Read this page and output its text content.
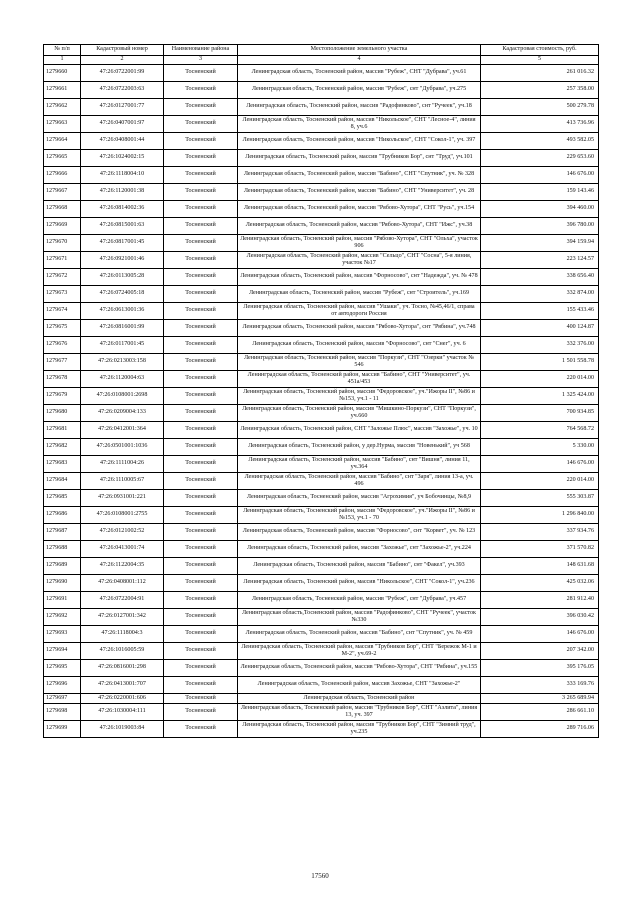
№ п/п	Кадастровый номер	Наименование района	Местоположение земельного участка	Кадастровая стоимость, руб.
1	2	3	4	5
1279660	47:26:0722001:99	Тосненский	Ленинградская область, Тосненский район, массив "Рубеж", СНТ "Дубрава", уч.61	261 016.32
1279661	47:26:0722003:63	Тосненский	Ленинградская область, Тосненский район, массив "Рубеж", снт "Дубрава", уч.275	257 358.00
1279662	47:26:0127001:77	Тосненский	Ленинградская область, Тосненский район, массив "Радофинково", снт "Ручеек", уч.18	500 279.78
1279663	47:26:0407001:97	Тосненский	Ленинградская область, Тосненский район, массив "Никольское", СНТ "Лесное-4", линия 8, уч.6	413 736.96
1279664	47:26:0408001:44	Тосненский	Ленинградская область, Тосненский район, массив "Никольское", СНТ "Сокол-1", уч. 397	493 582.05
1279665	47:26:1024002:15	Тосненский	Ленинградская область, Тосненский район, массив "Трубников Бор", снт "Труд", уч.101	229 653.60
1279666	47:26:1118004:10	Тосненский	Ленинградская область, Тосненский район, массив "Бабино", СНТ "Спутник", уч. № 328	146 676.00
1279667	47:26:1120001:38	Тосненский	Ленинградская область, Тосненский район, массив "Бабино", СНТ "Университет", уч. 28	159 143.46
1279668	47:26:0814002:36	Тосненский	Ленинградская область, Тосненский район, массив "Рябово-Хутора", СНТ "Русь", уч.154	394 460.00
1279669	47:26:0815001:63	Тосненский	Ленинградская область, Тосненский район, массив "Рябово-Хутора", СНТ "Ижс", уч.38	396 780.00
1279670	47:26:0817001:45	Тосненский	Ленинградская область, Тосненский район, массив "Рябово-Хутора", СНТ "Ольха", участок 906	394 159.94
1279671	47:26:0921001:46	Тосненский	Ленинградская область, Тосненский район, массив "Сельцо", СНТ "Сосна", 5-я линия, участок №17	223 124.57
1279672	47:26:0113005:28	Тосненский	Ленинградская область, Тосненский район, массив "Форносово", снт "Надежда", уч. № 478	338 656.40
1279673	47:26:0724005:18	Тосненский	Ленинградская область, Тосненский район, массив "Рубеж", снт "Строитель", уч.169	332 874.00
1279674	47:26:0613001:36	Тосненский	Ленинградская область, Тосненский район, массив "Ушаки", уч. Тосно, №45,46/1, справа от автодороги Россия	155 433.46
1279675	47:26:0816001:99	Тосненский	Ленинградская область, Тосненский район, массив "Рябово-Хутора", снт "Рябина", уч.748	400 124.87
1279676	47:26:0117001:45	Тосненский	Ленинградская область, Тосненский район, массив "Форносово", снт "Снег", уч. 6	332 376.00
1279677	47:26:0213003:158	Тосненский	Ленинградская область, Тосненский район, массив "Поркузи", СНТ "Озерки" участок № 546	1 501 558.78
1279678	47:26:1120004:63	Тосненский	Ленинградская область, Тосненский район, массив "Бабино", СНТ "Университет", уч. 451а/453	220 014.00
1279679	47:26:0108001:2698	Тосненский	Ленинградская область, Тосненский район, массив "Федоровское", уч."Ижоры II", №86 и №153, уч.1 - 11	1 325 424.00
1279680	47:26:0209004:133	Тосненский	Ленинградская область, Тосненский район, массив "Мишкино-Поркузи", СНТ "Поркузи", уч.660	700 934.85
1279681	47:26:0412001:364	Тосненский	Ленинградская область, Тосненский район, СНТ "Заложье Плюс", массив "Захожье", уч. 10	764 568.72
1279682	47:26:0501001:1036	Тосненский	Ленинградская область, Тосненский район, у дер.Нурма, массив "Новенький", уч 568	5 330.00
1279683	47:26:1111004:26	Тосненский	Ленинградская область, Тосненский район, массив "Бабино", снт "Вишня", линия 11, уч.364	146 676.00
1279684	47:26:1110005:67	Тосненский	Ленинградская область, Тосненский район, массив "Бабино", снт "Заря", линия 13-а, уч. 496	220 014.00
1279685	47:26:0931001:221	Тосненский	Ленинградская область, Тосненский район, массив "Агрохимия", уч Бобочинцы, №8,9	555 303.87
1279686	47:26:0108001:2755	Тосненский	Ленинградская область, Тосненский район, массив "Федоровское", уч."Ижоры II", №86 и №153, уч.1 - 70	1 296 840.00
1279687	47:26:0121002:52	Тосненский	Ленинградская область, Тосненский район, массив "Форносово", снт "Корвет", уч. № 123	337 934.76
1279688	47:26:0413001:74	Тосненский	Ленинградская область, Тосненский район, массив "Захожье", снт "Захожье-2", уч.224	371 570.82
1279689	47:26:1122004:35	Тосненский	Ленинградская область, Тосненский район, массив "Бабино", снт "Факел", уч.393	148 631.68
1279690	47:26:0408001:112	Тосненский	Ленинградская область, Тосненский район, массив "Никольское", СНТ "Сокол-1", уч.236	425 032.06
1279691	47:26:0722004:91	Тосненский	Ленинградская область, Тосненский район, массив "Рубеж", снт "Дубрава", уч.457	281 912.40
1279692	47:26:0127001:342	Тосненский	Ленинградская область,Тосненский район, массив "Радофинково", СНТ "Ручеек", участок №330	396 030.42
1279693	47:26:1118004:3	Тосненский	Ленинградская область, Тосненский район, массив "Бабино", снт "Спутник", уч. № 459	146 676.00
1279694	47:26:1016005:59	Тосненский	Ленинградская область, Тосненский район, массив "Трубников Бор", СНТ "Бережок М-1 и М-2", уч.69-2	207 342.00
1279695	47:26:0816001:298	Тосненский	Ленинградская область, Тосненский район, массив "Рябово-Хутора", СНТ "Рябина", уч.155	395 176.05
1279696	47:26:0413001:707	Тосненский	Ленинградская область, Тосненский район, массив Захожье, СНТ "Захожье-2"	333 169.76
1279697	47:26:0220001:606	Тосненский	Ленинградская область, Тосненский район	3 265 689.94
1279698	47:26:1030004:111	Тосненский	Ленинградская область, Тосненский район, массив "Трубников Бор", СНТ "Аэлита", линия 13, уч. 397	286 661.10
1279699	47:26:1019003:84	Тосненский	Ленинградская область, Тосненский район, массив "Трубников Бор", СНТ "Зимний труд", уч.235	289 716.06
17560
